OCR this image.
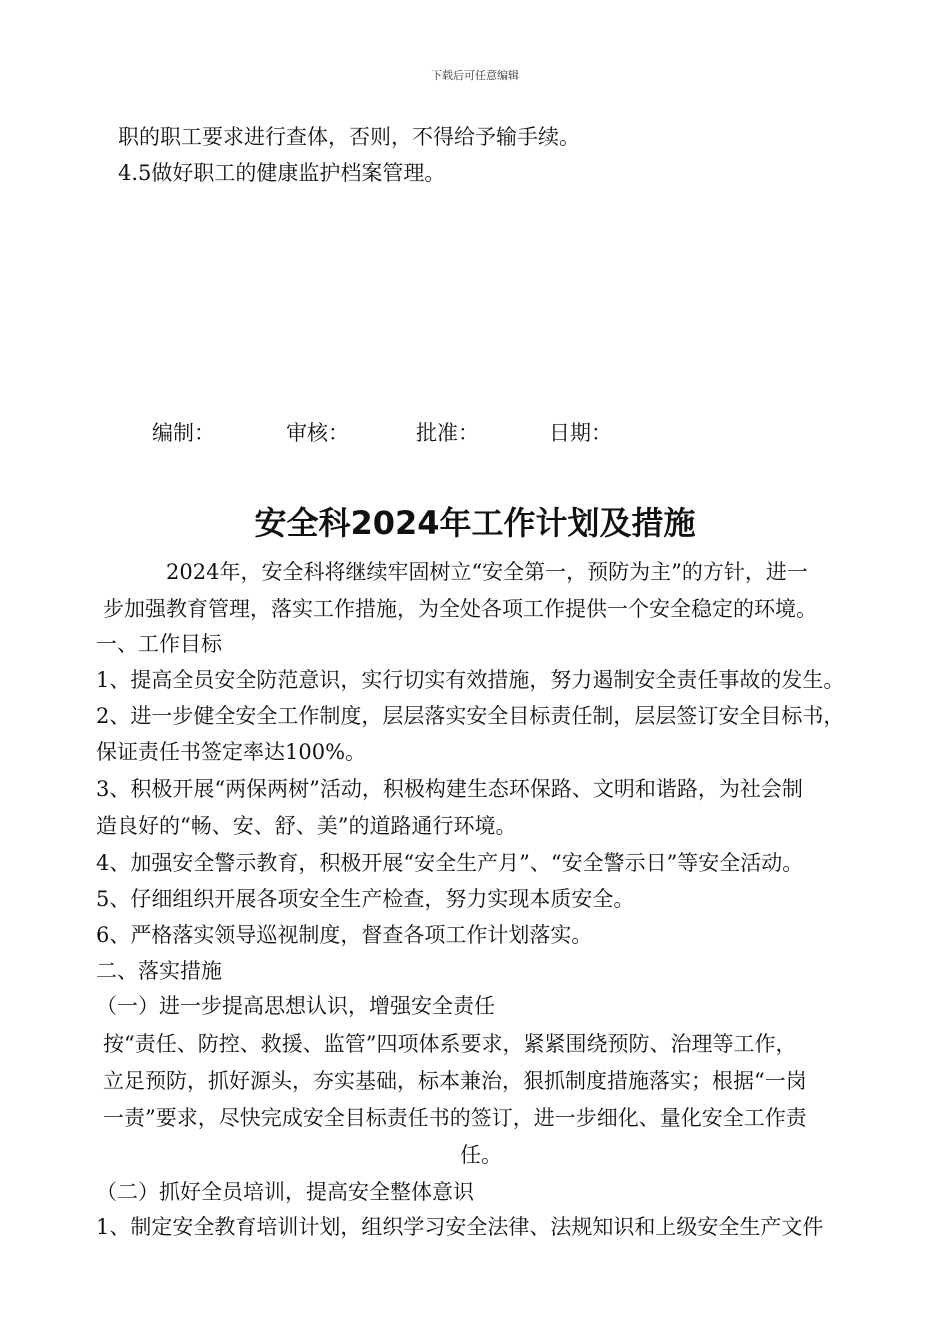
下载后可任意编辑
职的职工要求进行查体，否则，不得给予输手续。
4.5做好职工的健康监护档案管理。
编制：	审核：	批准：	日期：
安全科2024年工作计划及措施
2024年，安全科将继续牢固树立“安全第一，预防为主”的方针，进一
步加强教育管理，落实工作措施，为全处各项工作提供一个安全稳定的环境。
一、工作目标
1、提高全员安全防范意识，实行切实有效措施，努力遏制安全责任事故的发生。
2、进一步健全安全工作制度，层层落实安全目标责任制，层层签订安全目标书，
保证责任书签定率达100%。
3、积极开展“两保两树”活动，积极构建生态环保路、文明和谐路，为社会制
造良好的“畅、安、舒、美”的道路通行环境。
4、加强安全警示教育，积极开展“安全生产月”、“安全警示日”等安全活动。
5、仔细组织开展各项安全生产检查，努力实现本质安全。
6、严格落实领导巡视制度，督查各项工作计划落实。
二、落实措施
（一）进一步提高思想认识，增强安全责任
按“责任、防控、救援、监管”四项体系要求，紧紧围绕预防、治理等工作，
立足预防，抓好源头，夯实基础，标本兼治，狠抓制度措施落实；根据“一岗
一责”要求，尽快完成安全目标责任书的签订，进一步细化、量化安全工作责
任。
（二）抓好全员培训，提高安全整体意识
1、制定安全教育培训计划，组织学习安全法律、法规知识和上级安全生产文件
